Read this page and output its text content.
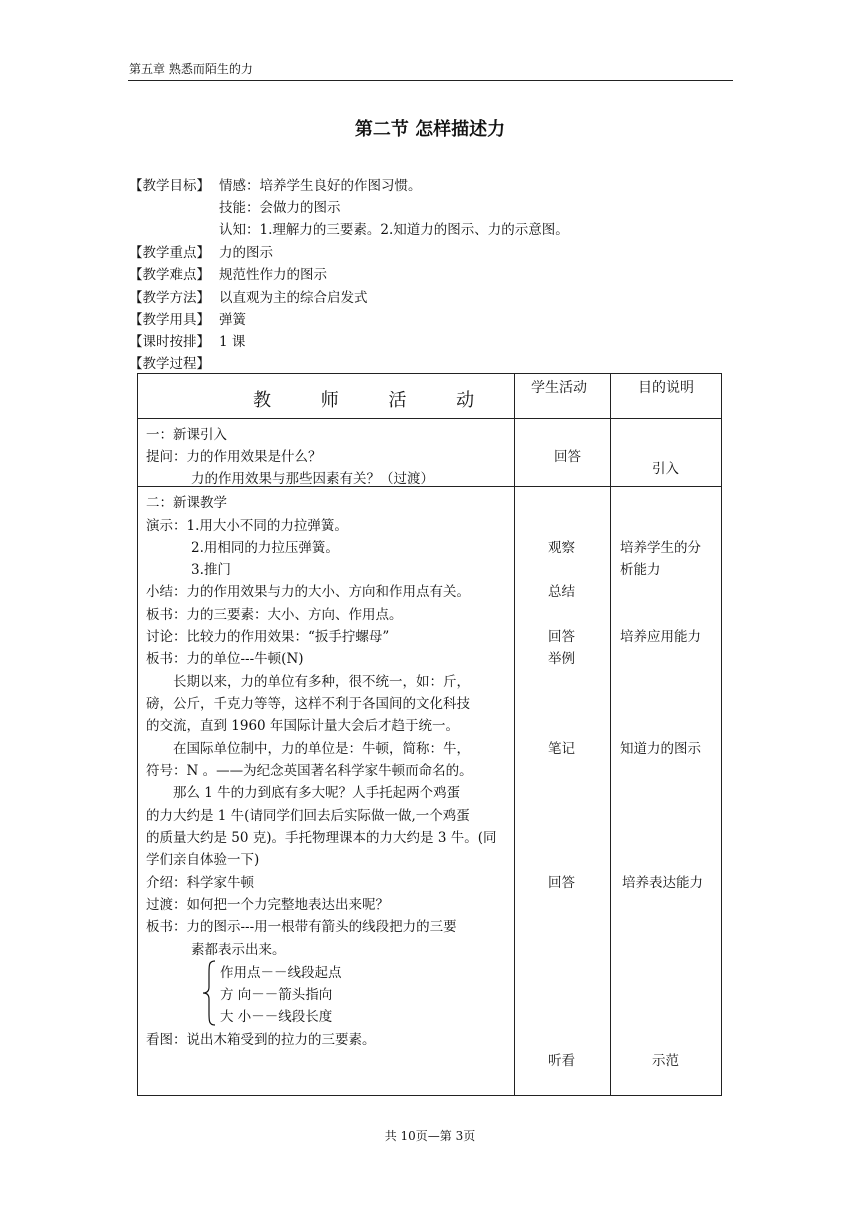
第五章 熟悉而陌生的力
第二节 怎样描述力
【教学目标】 情感：培养学生良好的作图习惯。
技能：会做力的图示
认知：1.理解力的三要素。2.知道力的图示、力的示意图。
【教学重点】 力的图示
【教学难点】 规范性作力的图示
【教学方法】 以直观为主的综合启发式
【教学用具】 弹簧
【课时按排】 1 课
【教学过程】
教 师 活 动
学生活动	目的说明
一：新课引入
提问：力的作用效果是什么？
力的作用效果与那些因素有关？（过渡）
回答
引入
二：新课教学
演示：1.用大小不同的力拉弹簧。
2.用相同的力拉压弹簧。
3.推门
小结：力的作用效果与力的大小、方向和作用点有关。
板书：力的三要素：大小、方向、作用点。
讨论：比较力的作用效果：“扳手拧螺母”
板书：力的单位---牛顿(N)
长期以来，力的单位有多种，很不统一，如：斤，
磅，公斤，千克力等等，这样不利于各国间的文化科技
的交流，直到 1960 年国际计量大会后才趋于统一。
在国际单位制中，力的单位是：牛顿，简称：牛，
符号：N 。——为纪念英国著名科学家牛顿而命名的。
那么 1 牛的力到底有多大呢？人手托起两个鸡蛋
的力大约是 1 牛(请同学们回去后实际做一做,一个鸡蛋
的质量大约是 50 克)。手托物理课本的力大约是 3 牛。(同
学们亲自体验一下)
介绍：科学家牛顿
过渡：如何把一个力完整地表达出来呢？
板书：力的图示---用一根带有箭头的线段把力的三要
素都表示出来。
作用点－－线段起点
方 向－－箭头指向
大 小－－线段长度
看图：说出木箱受到的拉力的三要素。
观察
总结
回答
举例
笔记
回答
听看
培养学生的分
析能力
培养应用能力
知道力的图示
培养表达能力
示范
共 10页—第 3页
